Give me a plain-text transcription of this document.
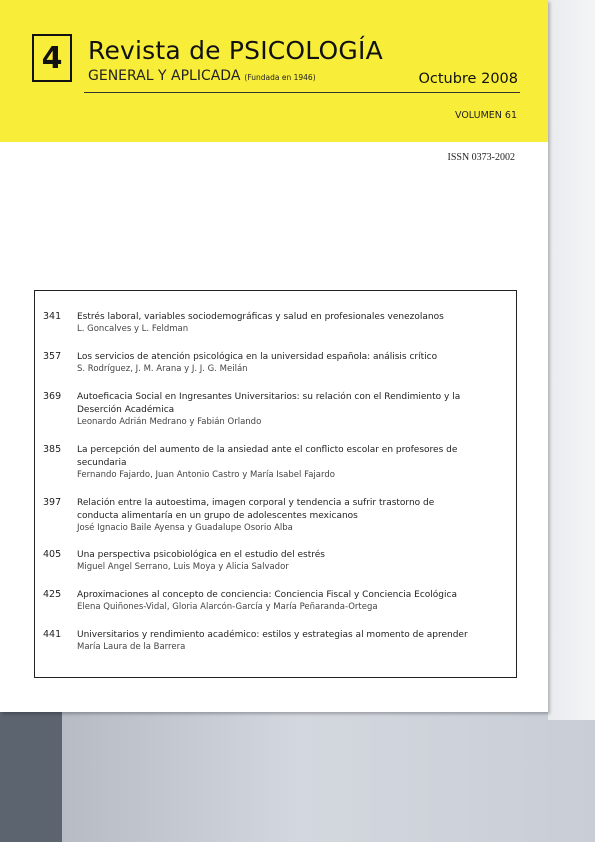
4	Revista de PSICOLOGÍA
GENERAL Y APLICADA (Fundada en 1946)	Octubre 2008
VOLUMEN 61
ISSN 0373-2002
341	Estrés laboral, variables sociodemográficas y salud en profesionales venezolanos
L. Goncalves y L. Feldman
357	Los servicios de atención psicológica en la universidad española: análisis crítico
S. Rodríguez, J. M. Arana y J. J. G. Meilán
369	Autoeficacia Social en Ingresantes Universitarios: su relación con el Rendimiento y la Deserción Académica
Leonardo Adrián Medrano y Fabián Orlando
385	La percepción del aumento de la ansiedad ante el conflicto escolar en profesores de secundaria
Fernando Fajardo, Juan Antonio Castro y María Isabel Fajardo
397	Relación entre la autoestima, imagen corporal y tendencia a sufrir trastorno de conducta alimentaría en un grupo de adolescentes mexicanos
José Ignacio Baile Ayensa y Guadalupe Osorio Alba
405	Una perspectiva psicobiológica en el estudio del estrés
Miguel Angel Serrano, Luis Moya y Alicia Salvador
425	Aproximaciones al concepto de conciencia: Conciencia Fiscal y Conciencia Ecológica
Elena Quiñones-Vidal, Gloria Alarcón-García y María Peñaranda-Ortega
441	Universitarios y rendimiento académico: estilos y estrategias al momento de aprender
María Laura de la Barrera
